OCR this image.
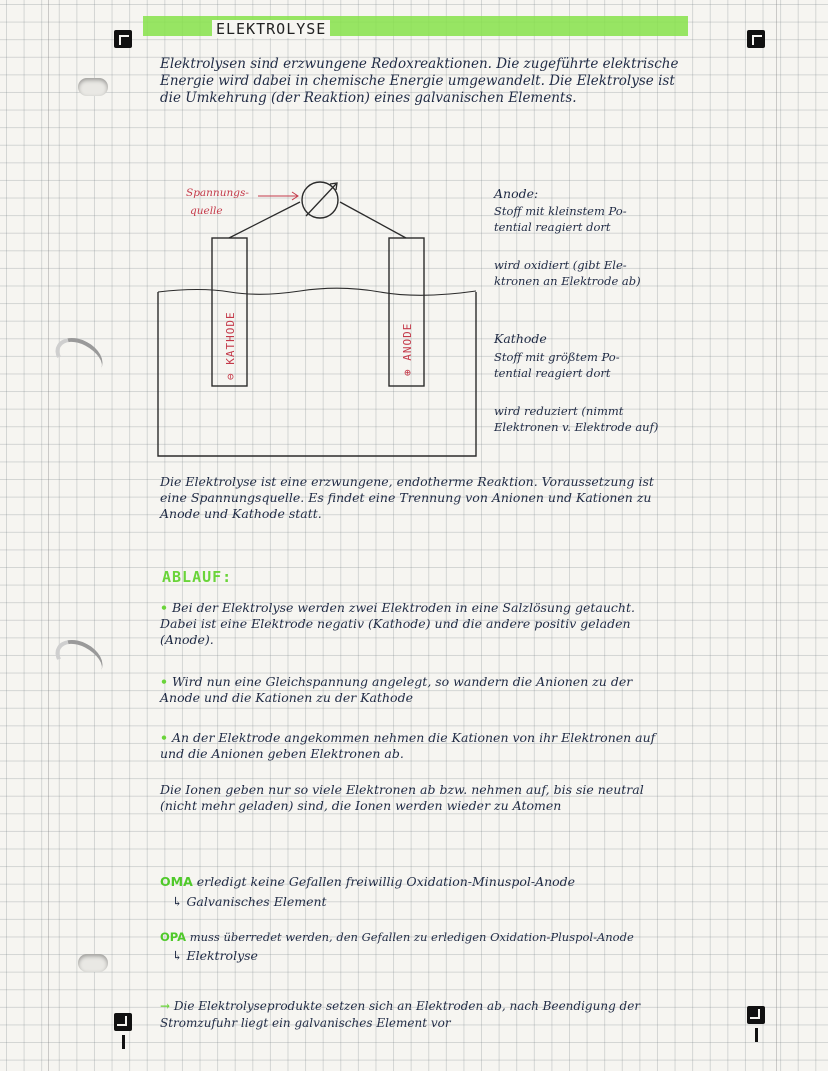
ELEKTROLYSE
Elektrolysen sind erzwungene Redoxreaktionen. Die zugeführte elektrische Energie wird dabei in chemische Energie umgewandelt. Die Elektrolyse ist die Umkehrung (der Reaktion) eines galvanischen Elements.
Spannungs-
quelle
⊖ KATHODE	⊕ ANODE
Anode:
Stoff mit kleinstem Po-
tential reagiert dort
wird oxidiert (gibt Ele-
ktronen an Elektrode ab)
Kathode
Stoff mit größtem Po-
tential reagiert dort
wird reduziert (nimmt
Elektronen v. Elektrode auf)
Die Elektrolyse ist eine erzwungene, endotherme Reaktion. Voraussetzung ist eine Spannungsquelle. Es findet eine Trennung von Anionen und Kationen zu Anode und Kathode statt.
ABLAUF:
• Bei der Elektrolyse werden zwei Elektroden in eine Salzlösung getaucht. Dabei ist eine Elektrode negativ (Kathode) und die andere positiv geladen (Anode).
• Wird nun eine Gleichspannung angelegt, so wandern die Anionen zu der Anode und die Kationen zu der Kathode
• An der Elektrode angekommen nehmen die Kationen von ihr Elektronen auf und die Anionen geben Elektronen ab.
Die Ionen geben nur so viele Elektronen ab bzw. nehmen auf, bis sie neutral (nicht mehr geladen) sind, die Ionen werden wieder zu Atomen
OMA erledigt keine Gefallen freiwillig Oxidation-Minuspol-Anode
↳ Galvanisches Element
OPA muss überredet werden, den Gefallen zu erledigen Oxidation-Pluspol-Anode
↳ Elektrolyse
→ Die Elektrolyseprodukte setzen sich an Elektroden ab, nach Beendigung der Stromzufuhr liegt ein galvanisches Element vor
